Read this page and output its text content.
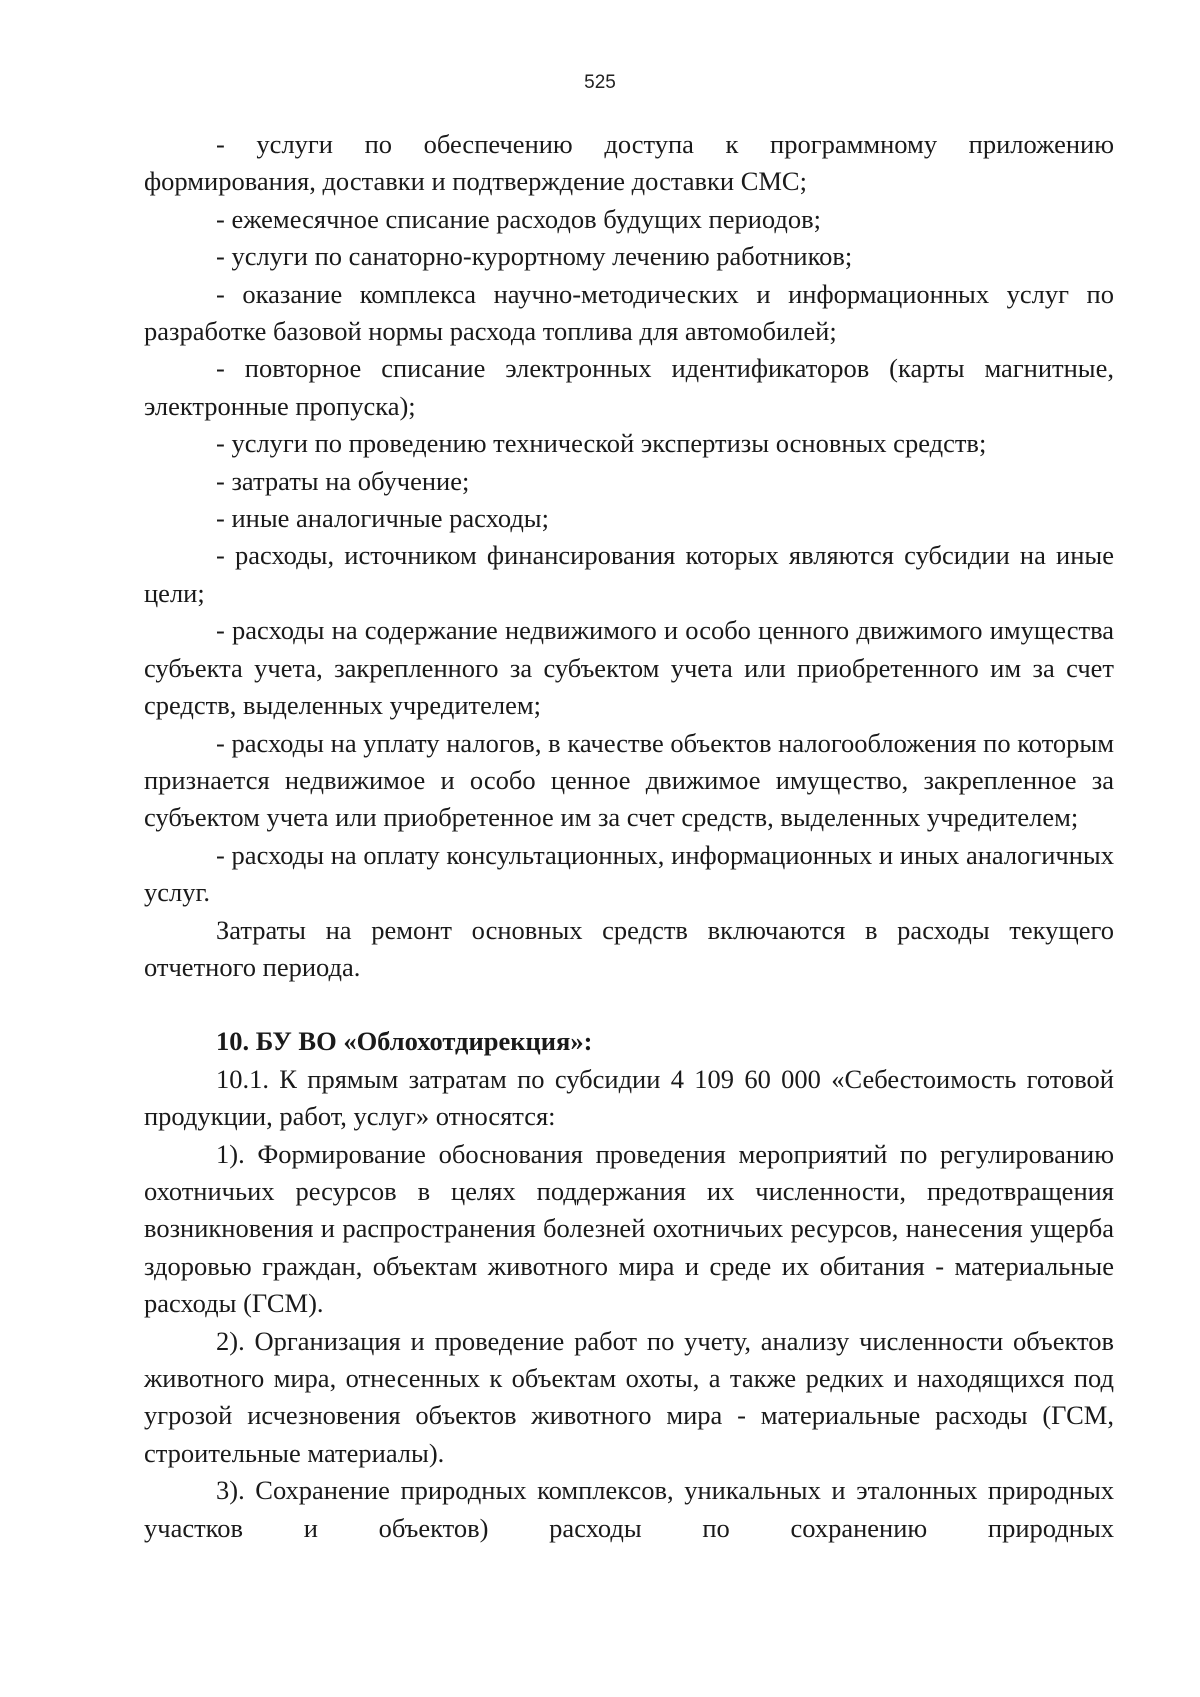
525

- услуги по обеспечению доступа к программному приложению формирования, доставки и подтверждение доставки СМС;

- ежемесячное списание расходов будущих периодов;

- услуги по санаторно-курортному лечению работников;

- оказание комплекса научно-методических и информационных услуг по разработке базовой нормы расхода топлива для автомобилей;

- повторное списание электронных идентификаторов (карты магнитные, электронные пропуска);

- услуги по проведению технической экспертизы основных средств;

- затраты на обучение;

- иные аналогичные расходы;

- расходы, источником финансирования которых являются субсидии на иные цели;

- расходы на содержание недвижимого и особо ценного движимого имущества субъекта учета, закрепленного за субъектом учета или приобретенного им за счет средств, выделенных учредителем;

- расходы на уплату налогов, в качестве объектов налогообложения по которым признается недвижимое и особо ценное движимое имущество, закрепленное за субъектом учета или приобретенное им за счет средств, выделенных учредителем;

- расходы на оплату консультационных, информационных и иных аналогичных услуг.

Затраты на ремонт основных средств включаются в расходы текущего отчетного периода.

10. БУ ВО «Облохотдирекция»:

10.1. К прямым затратам по субсидии 4 109 60 000 «Себестоимость готовой продукции, работ, услуг» относятся:

1). Формирование обоснования проведения мероприятий по регулированию охотничьих ресурсов в целях поддержания их численности, предотвращения возникновения и распространения болезней охотничьих ресурсов, нанесения ущерба здоровью граждан, объектам животного мира и среде их обитания - материальные расходы (ГСМ).

2). Организация и проведение работ по учету, анализу численности объектов животного мира, отнесенных к объектам охоты, а также редких и находящихся под угрозой исчезновения объектов животного мира - материальные расходы (ГСМ, строительные материалы).

3). Сохранение природных комплексов, уникальных и эталонных природных участков и объектов) расходы по сохранению природных
